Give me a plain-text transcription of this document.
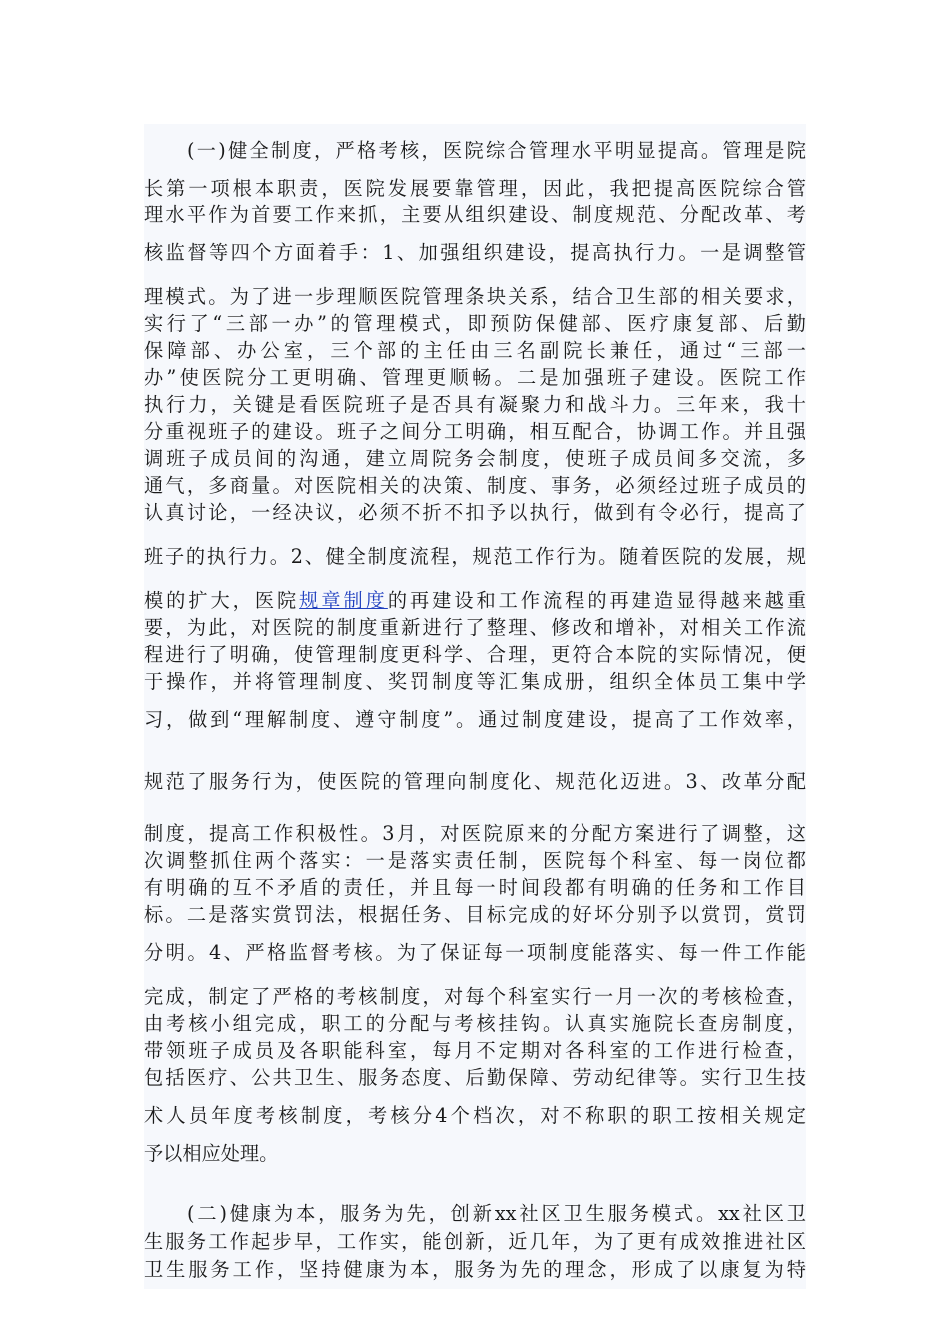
(一)健全制度，严格考核，医院综合管理水平明显提高。管理是院
长第一项根本职责，医院发展要靠管理，因此，我把提高医院综合管
理水平作为首要工作来抓，主要从组织建设、制度规范、分配改革、考
核监督等四个方面着手：1、加强组织建设，提高执行力。一是调整管
理模式。为了进一步理顺医院管理条块关系，结合卫生部的相关要求，
实行了“三部一办”的管理模式，即预防保健部、医疗康复部、后勤
保障部、办公室，三个部的主任由三名副院长兼任，通过“三部一
办”使医院分工更明确、管理更顺畅。二是加强班子建设。医院工作
执行力，关键是看医院班子是否具有凝聚力和战斗力。三年来，我十
分重视班子的建设。班子之间分工明确，相互配合，协调工作。并且强
调班子成员间的沟通，建立周院务会制度，使班子成员间多交流，多
通气，多商量。对医院相关的决策、制度、事务，必须经过班子成员的
认真讨论，一经决议，必须不折不扣予以执行，做到有令必行，提高了
班子的执行力。2、健全制度流程，规范工作行为。随着医院的发展，规
模的扩大，医院规章制度的再建设和工作流程的再建造显得越来越重
要，为此，对医院的制度重新进行了整理、修改和增补，对相关工作流
程进行了明确，使管理制度更科学、合理，更符合本院的实际情况，便
于操作，并将管理制度、奖罚制度等汇集成册，组织全体员工集中学
习，做到“理解制度、遵守制度”。通过制度建设，提高了工作效率，
规范了服务行为，使医院的管理向制度化、规范化迈进。3、改革分配
制度，提高工作积极性。3月，对医院原来的分配方案进行了调整，这
次调整抓住两个落实：一是落实责任制，医院每个科室、每一岗位都
有明确的互不矛盾的责任，并且每一时间段都有明确的任务和工作目
标。二是落实赏罚法，根据任务、目标完成的好坏分别予以赏罚，赏罚
分明。4、严格监督考核。为了保证每一项制度能落实、每一件工作能
完成，制定了严格的考核制度，对每个科室实行一月一次的考核检查，
由考核小组完成，职工的分配与考核挂钩。认真实施院长查房制度，
带领班子成员及各职能科室，每月不定期对各科室的工作进行检查，
包括医疗、公共卫生、服务态度、后勤保障、劳动纪律等。实行卫生技
术人员年度考核制度，考核分4个档次，对不称职的职工按相关规定
予以相应处理。
(二)健康为本，服务为先，创新xx社区卫生服务模式。xx社区卫
生服务工作起步早，工作实，能创新，近几年，为了更有成效推进社区
卫生服务工作，坚持健康为本，服务为先的理念，形成了以康复为特
